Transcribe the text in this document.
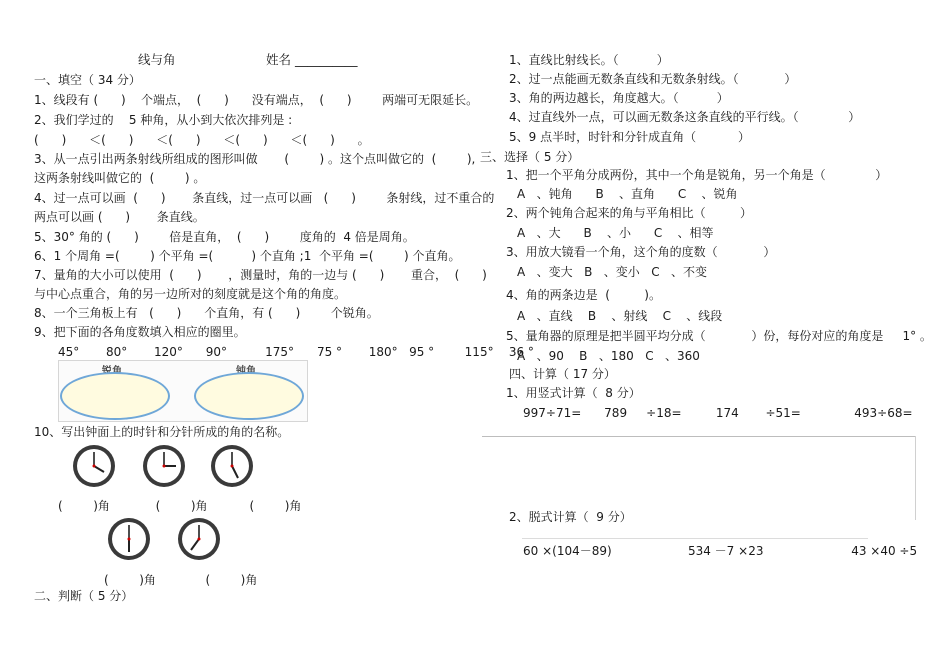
线与角	姓名 __________
一、填空（ 34 分）
1、线段有 (      )    个端点，  (      )      没有端点，  (      )        两端可无限延长。
2、我们学过的    5 种角，从小到大依次排列是 :
(      )      ＜(      )      ＜(      )      ＜(      )      ＜(      )      。
3、从一点引出两条射线所组成的图形叫做       (        ) 。这个点叫做它的  (        ),
这两条射线叫做它的  (        ) 。
4、过一点可以画  (      )       条直线，过一点可以画   (      )        条射线，过不重合的
两点可以画 (      )       条直线。
5、30° 角的 (      )        倍是直角，  (      )        度角的  4 倍是周角。
6、1 个周角 =(        ) 个平角 =(          ) 个直角 ;1  个平角 =(        ) 个直角。
7、量角的大小可以使用  (      )       ，测量时，角的一边与 (      )       重合，  (      )
与中心点重合，角的另一边所对的刻度就是这个角的角度。
8、一个三角板上有   (      )      个直角，有 (      )        个锐角。
9、把下面的各角度数填入相应的圈里。
45°       80°       120°      90°          175°      75 °       180°   95 °        115°    36 °
10、写出钟面上的时针和分针所成的角的名称。
(        )角            (        )角           (        )角
(        )角             (        )角
二、判断（ 5 分）
1、直线比射线长。（          ）
2、过一点能画无数条直线和无数条射线。（            ）
3、角的两边越长，角度越大。（          ）
4、过直线外一点，可以画无数条这条直线的平行线。（             ）
5、9 点半时，时针和分针成直角（           ）
三、选择（ 5 分）
1、把一个平角分成两份，其中一个角是锐角，另一个角是（             ）
A   、钝角      B    、直角      C    、锐角
2、两个钝角合起来的角与平角相比（         ）
A   、大      B    、小      C    、相等
3、用放大镜看一个角，这个角的度数（            ）
A   、变大   B   、变小   C   、不变
4、角的两条边是  (         )。
A   、直线    B    、射线    C    、线段
5、量角器的原理是把半圆平均分成（            ）份，每份对应的角度是     1° 。
A   、90    B   、180   C   、360
四、计算（ 17 分）
1、用竖式计算（  8 分）
997÷71=      789     ÷18=         174       ÷51=              493÷68=
2、脱式计算（  9 分）
60 ×(104－89)                    534 －7 ×23                       43 ×40 ÷5
